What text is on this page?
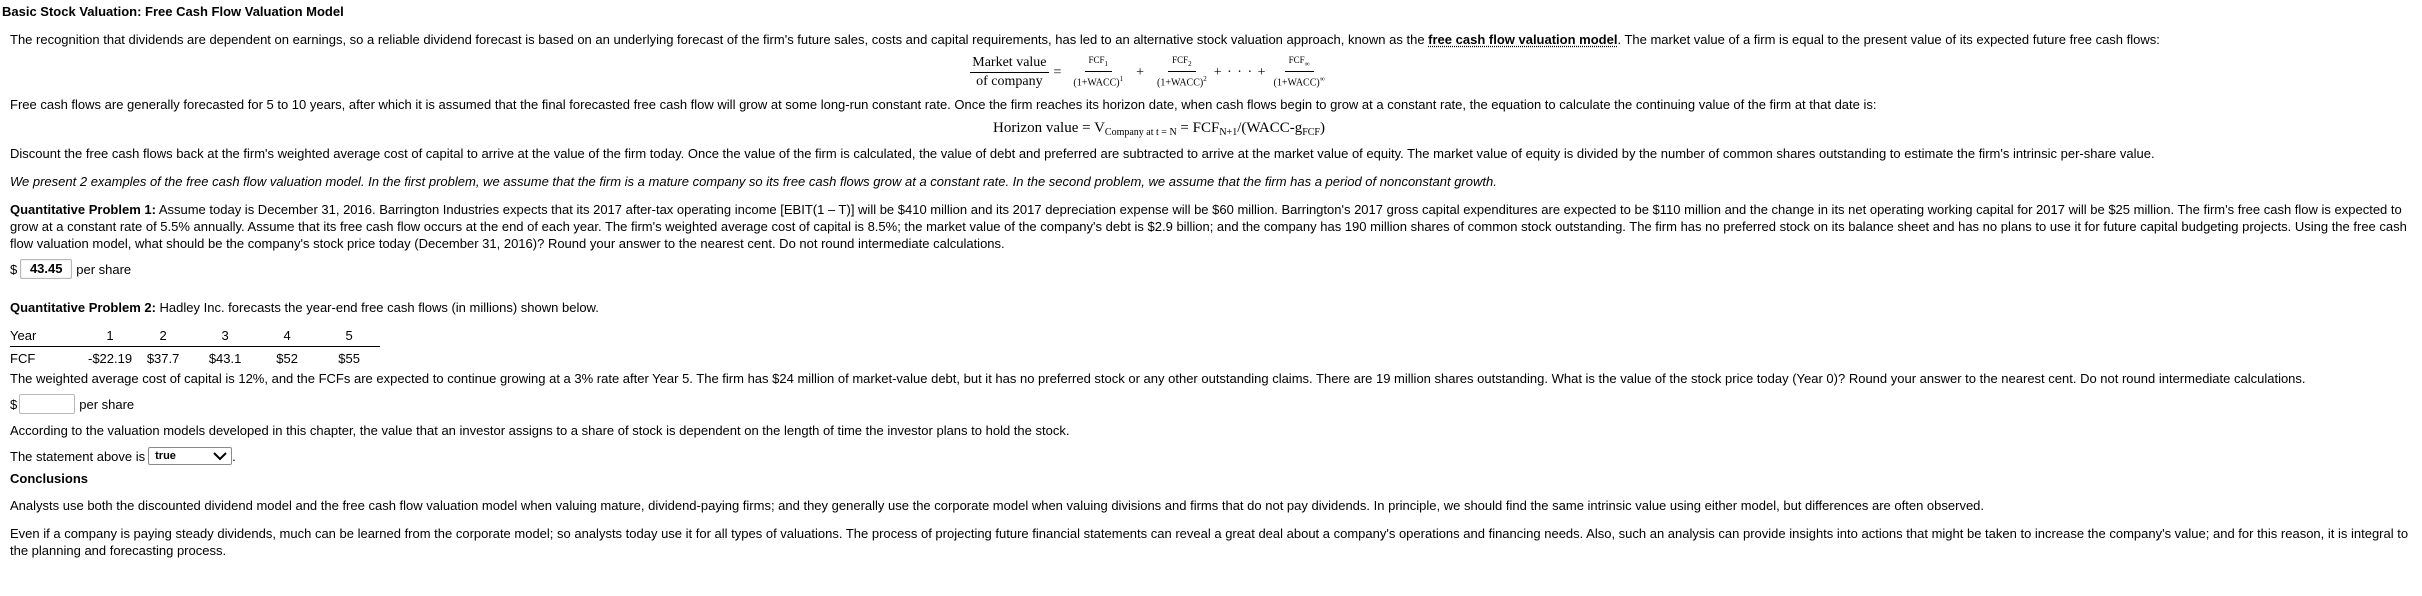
Basic Stock Valuation: Free Cash Flow Valuation Model

The recognition that dividends are dependent on earnings, so a reliable dividend forecast is based on an underlying forecast of the firm's future sales, costs and capital requirements, has led to an alternative stock valuation approach, known as the free cash flow valuation model. The market value of a firm is equal to the present value of its expected future free cash flows:

Market value
of company
= $\frac{FCF_1}{(1+WACC)^1} + \frac{FCF_2}{(1+WACC)^2}$ + · · · + $\frac{FCF_\infty}{(1+WACC)^\infty}$

Free cash flows are generally forecasted for 5 to 10 years, after which it is assumed that the final forecasted free cash flow will grow at some long-run constant rate. Once the firm reaches its horizon date, when cash flows begin to grow at a constant rate, the equation to calculate the continuing value of the firm at that date is:

Horizon value = $V_{Company at t = N}$ = $FCF_{N+1}/(WACC-g_{FCF})$

Discount the free cash flows back at the firm's weighted average cost of capital to arrive at the value of the firm today. Once the value of the firm is calculated, the value of debt and preferred are subtracted to arrive at the market value of equity. The market value of equity is divided by the number of common shares outstanding to estimate the firm's intrinsic per-share value.

We present 2 examples of the free cash flow valuation model. In the first problem, we assume that the firm is a mature company so its free cash flows grow at a constant rate. In the second problem, we assume that the firm has a period of nonconstant growth.

Quantitative Problem 1: Assume today is December 31, 2016. Barrington Industries expects that its 2017 after-tax operating income [EBIT(1 – T)] will be $410 million and its 2017 depreciation expense will be $60 million. Barrington's 2017 gross capital expenditures are expected to be $110 million and the change in its net operating working capital for 2017 will be $25 million. The firm's free cash flow is expected to grow at a constant rate of 5.5% annually. Assume that its free cash flow occurs at the end of each year. The firm's weighted average cost of capital is 8.5%; the market value of the company's debt is $2.9 billion; and the company has 190 million shares of common stock outstanding. The firm has no preferred stock on its balance sheet and has no plans to use it for future capital budgeting projects. Using the free cash flow valuation model, what should be the company's stock price today (December 31, 2016)? Round your answer to the nearest cent. Do not round intermediate calculations.

$ 43.45	per share

Quantitative Problem 2: Hadley Inc. forecasts the year-end free cash flows (in millions) shown below.

Year	1	2	3	4	5
FCF	-$22.19	$37.7	$43.1	$52	$55

The weighted average cost of capital is 12%, and the FCFs are expected to continue growing at a 3% rate after Year 5. The firm has $24 million of market-value debt, but it has no preferred stock or any other outstanding claims. There are 19 million shares outstanding. What is the value of the stock price today (Year 0)? Round your answer to the nearest cent. Do not round intermediate calculations.

$	per share

According to the valuation models developed in this chapter, the value that an investor assigns to a share of stock is dependent on the length of time the investor plans to hold the stock.

The statement above is true	.

Conclusions

Analysts use both the discounted dividend model and the free cash flow valuation model when valuing mature, dividend-paying firms; and they generally use the corporate model when valuing divisions and firms that do not pay dividends. In principle, we should find the same intrinsic value using either model, but differences are often observed.

Even if a company is paying steady dividends, much can be learned from the corporate model; so analysts today use it for all types of valuations. The process of projecting future financial statements can reveal a great deal about a company's operations and financing needs. Also, such an analysis can provide insights into actions that might be taken to increase the company's value; and for this reason, it is integral to the planning and forecasting process.
